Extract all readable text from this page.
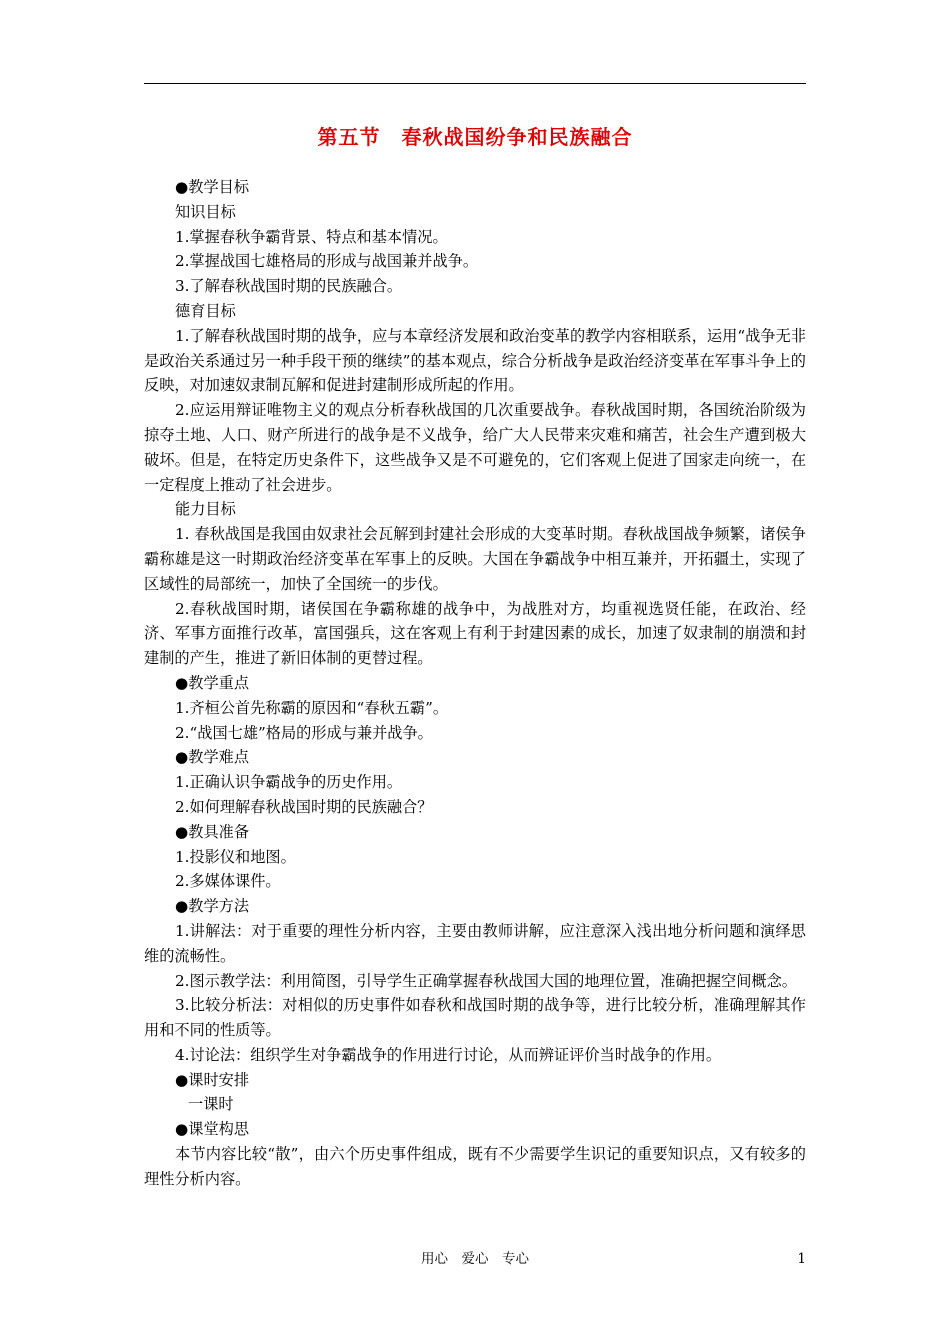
第五节　春秋战国纷争和民族融合

●教学目标

知识目标

1.掌握春秋争霸背景、特点和基本情况。

2.掌握战国七雄格局的形成与战国兼并战争。

3.了解春秋战国时期的民族融合。

德育目标

1.了解春秋战国时期的战争，应与本章经济发展和政治变革的教学内容相联系，运用“战争无非是政治关系通过另一种手段干预的继续”的基本观点，综合分析战争是政治经济变革在军事斗争上的反映，对加速奴隶制瓦解和促进封建制形成所起的作用。

2.应运用辩证唯物主义的观点分析春秋战国的几次重要战争。春秋战国时期，各国统治阶级为掠夺土地、人口、财产所进行的战争是不义战争，给广大人民带来灾难和痛苦，社会生产遭到极大破坏。但是，在特定历史条件下，这些战争又是不可避免的，它们客观上促进了国家走向统一，在一定程度上推动了社会进步。

能力目标

1. 春秋战国是我国由奴隶社会瓦解到封建社会形成的大变革时期。春秋战国战争频繁，诸侯争霸称雄是这一时期政治经济变革在军事上的反映。大国在争霸战争中相互兼并，开拓疆土，实现了区域性的局部统一，加快了全国统一的步伐。

2.春秋战国时期，诸侯国在争霸称雄的战争中，为战胜对方，均重视选贤任能，在政治、经济、军事方面推行改革，富国强兵，这在客观上有利于封建因素的成长，加速了奴隶制的崩溃和封建制的产生，推进了新旧体制的更替过程。

●教学重点

1.齐桓公首先称霸的原因和“春秋五霸”。

2.“战国七雄”格局的形成与兼并战争。

●教学难点

1.正确认识争霸战争的历史作用。

2.如何理解春秋战国时期的民族融合？

●教具准备

1.投影仪和地图。

2.多媒体课件。

●教学方法

1.讲解法：对于重要的理性分析内容，主要由教师讲解，应注意深入浅出地分析问题和演绎思维的流畅性。

2.图示教学法：利用简图，引导学生正确掌握春秋战国大国的地理位置，准确把握空间概念。

3.比较分析法：对相似的历史事件如春秋和战国时期的战争等，进行比较分析，准确理解其作用和不同的性质等。

4.讨论法：组织学生对争霸战争的作用进行讨论，从而辨证评价当时战争的作用。

●课时安排

一课时

●课堂构思

本节内容比较“散”，由六个历史事件组成，既有不少需要学生识记的重要知识点，又有较多的理性分析内容。

用心　爱心　专心	1
